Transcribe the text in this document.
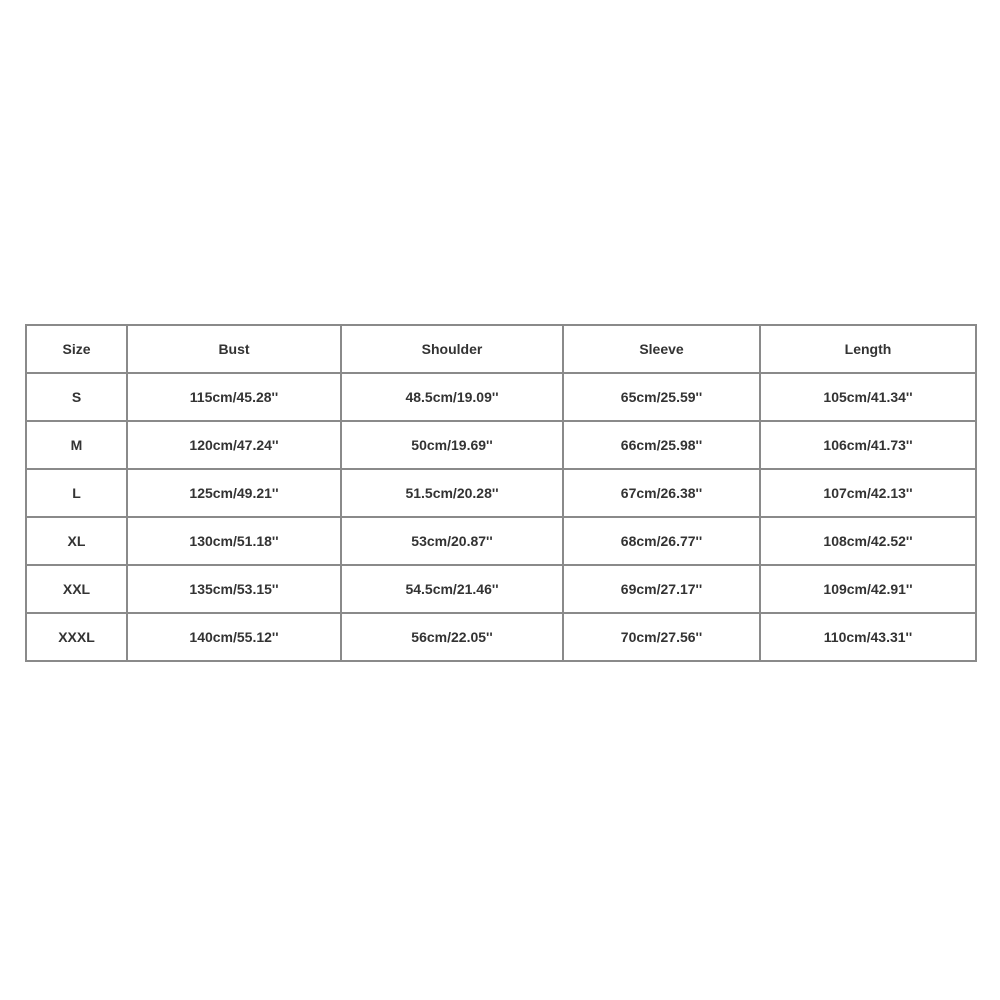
Size	Bust	Shoulder	Sleeve	Length
S	115cm/45.28''	48.5cm/19.09''	65cm/25.59''	105cm/41.34''
M	120cm/47.24''	50cm/19.69''	66cm/25.98''	106cm/41.73''
L	125cm/49.21''	51.5cm/20.28''	67cm/26.38''	107cm/42.13''
XL	130cm/51.18''	53cm/20.87''	68cm/26.77''	108cm/42.52''
XXL	135cm/53.15''	54.5cm/21.46''	69cm/27.17''	109cm/42.91''
XXXL	140cm/55.12''	56cm/22.05''	70cm/27.56''	110cm/43.31''
